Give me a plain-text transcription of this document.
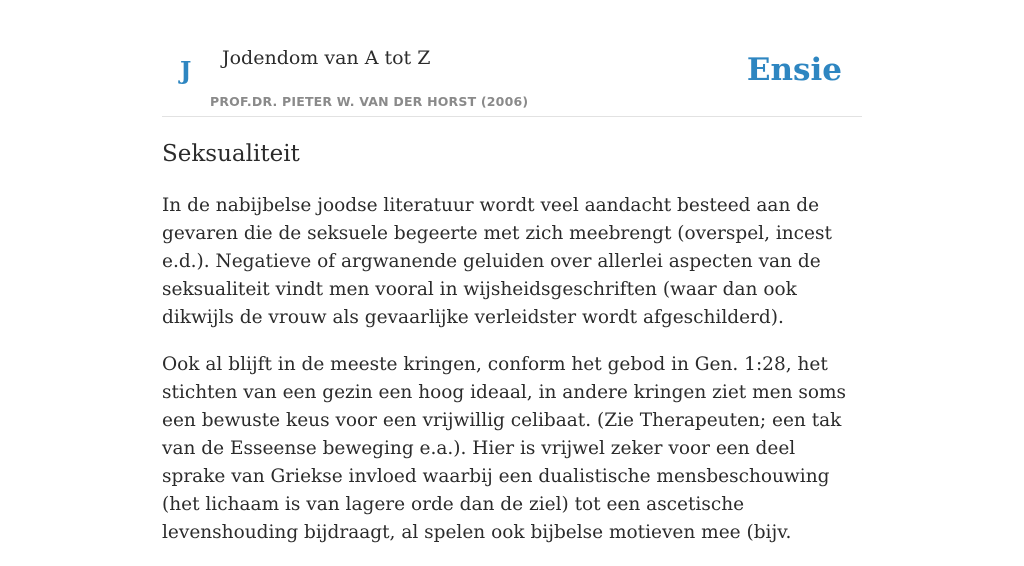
J Jodendom van A tot Z
PROF.DR. PIETER W. VAN DER HORST (2006)
Ensie
Seksualiteit

In de nabijbelse joodse literatuur wordt veel aandacht besteed aan de gevaren die de seksuele begeerte met zich meebrengt (overspel, incest e.d.). Negatieve of argwanende geluiden over allerlei aspecten van de seksualiteit vindt men vooral in wijsheidsgeschriften (waar dan ook dikwijls de vrouw als gevaarlijke verleidster wordt afgeschilderd).

Ook al blijft in de meeste kringen, conform het gebod in Gen. 1:28, het stichten van een gezin een hoog ideaal, in andere kringen ziet men soms een bewuste keus voor een vrijwillig celibaat. (Zie Therapeuten; een tak van de Esseense beweging e.a.). Hier is vrijwel zeker voor een deel sprake van Griekse invloed waarbij een dualistische mensbeschouwing (het lichaam is van lagere orde dan de ziel) tot een ascetische levenshouding bijdraagt, al spelen ook bijbelse motieven mee (bijv.
